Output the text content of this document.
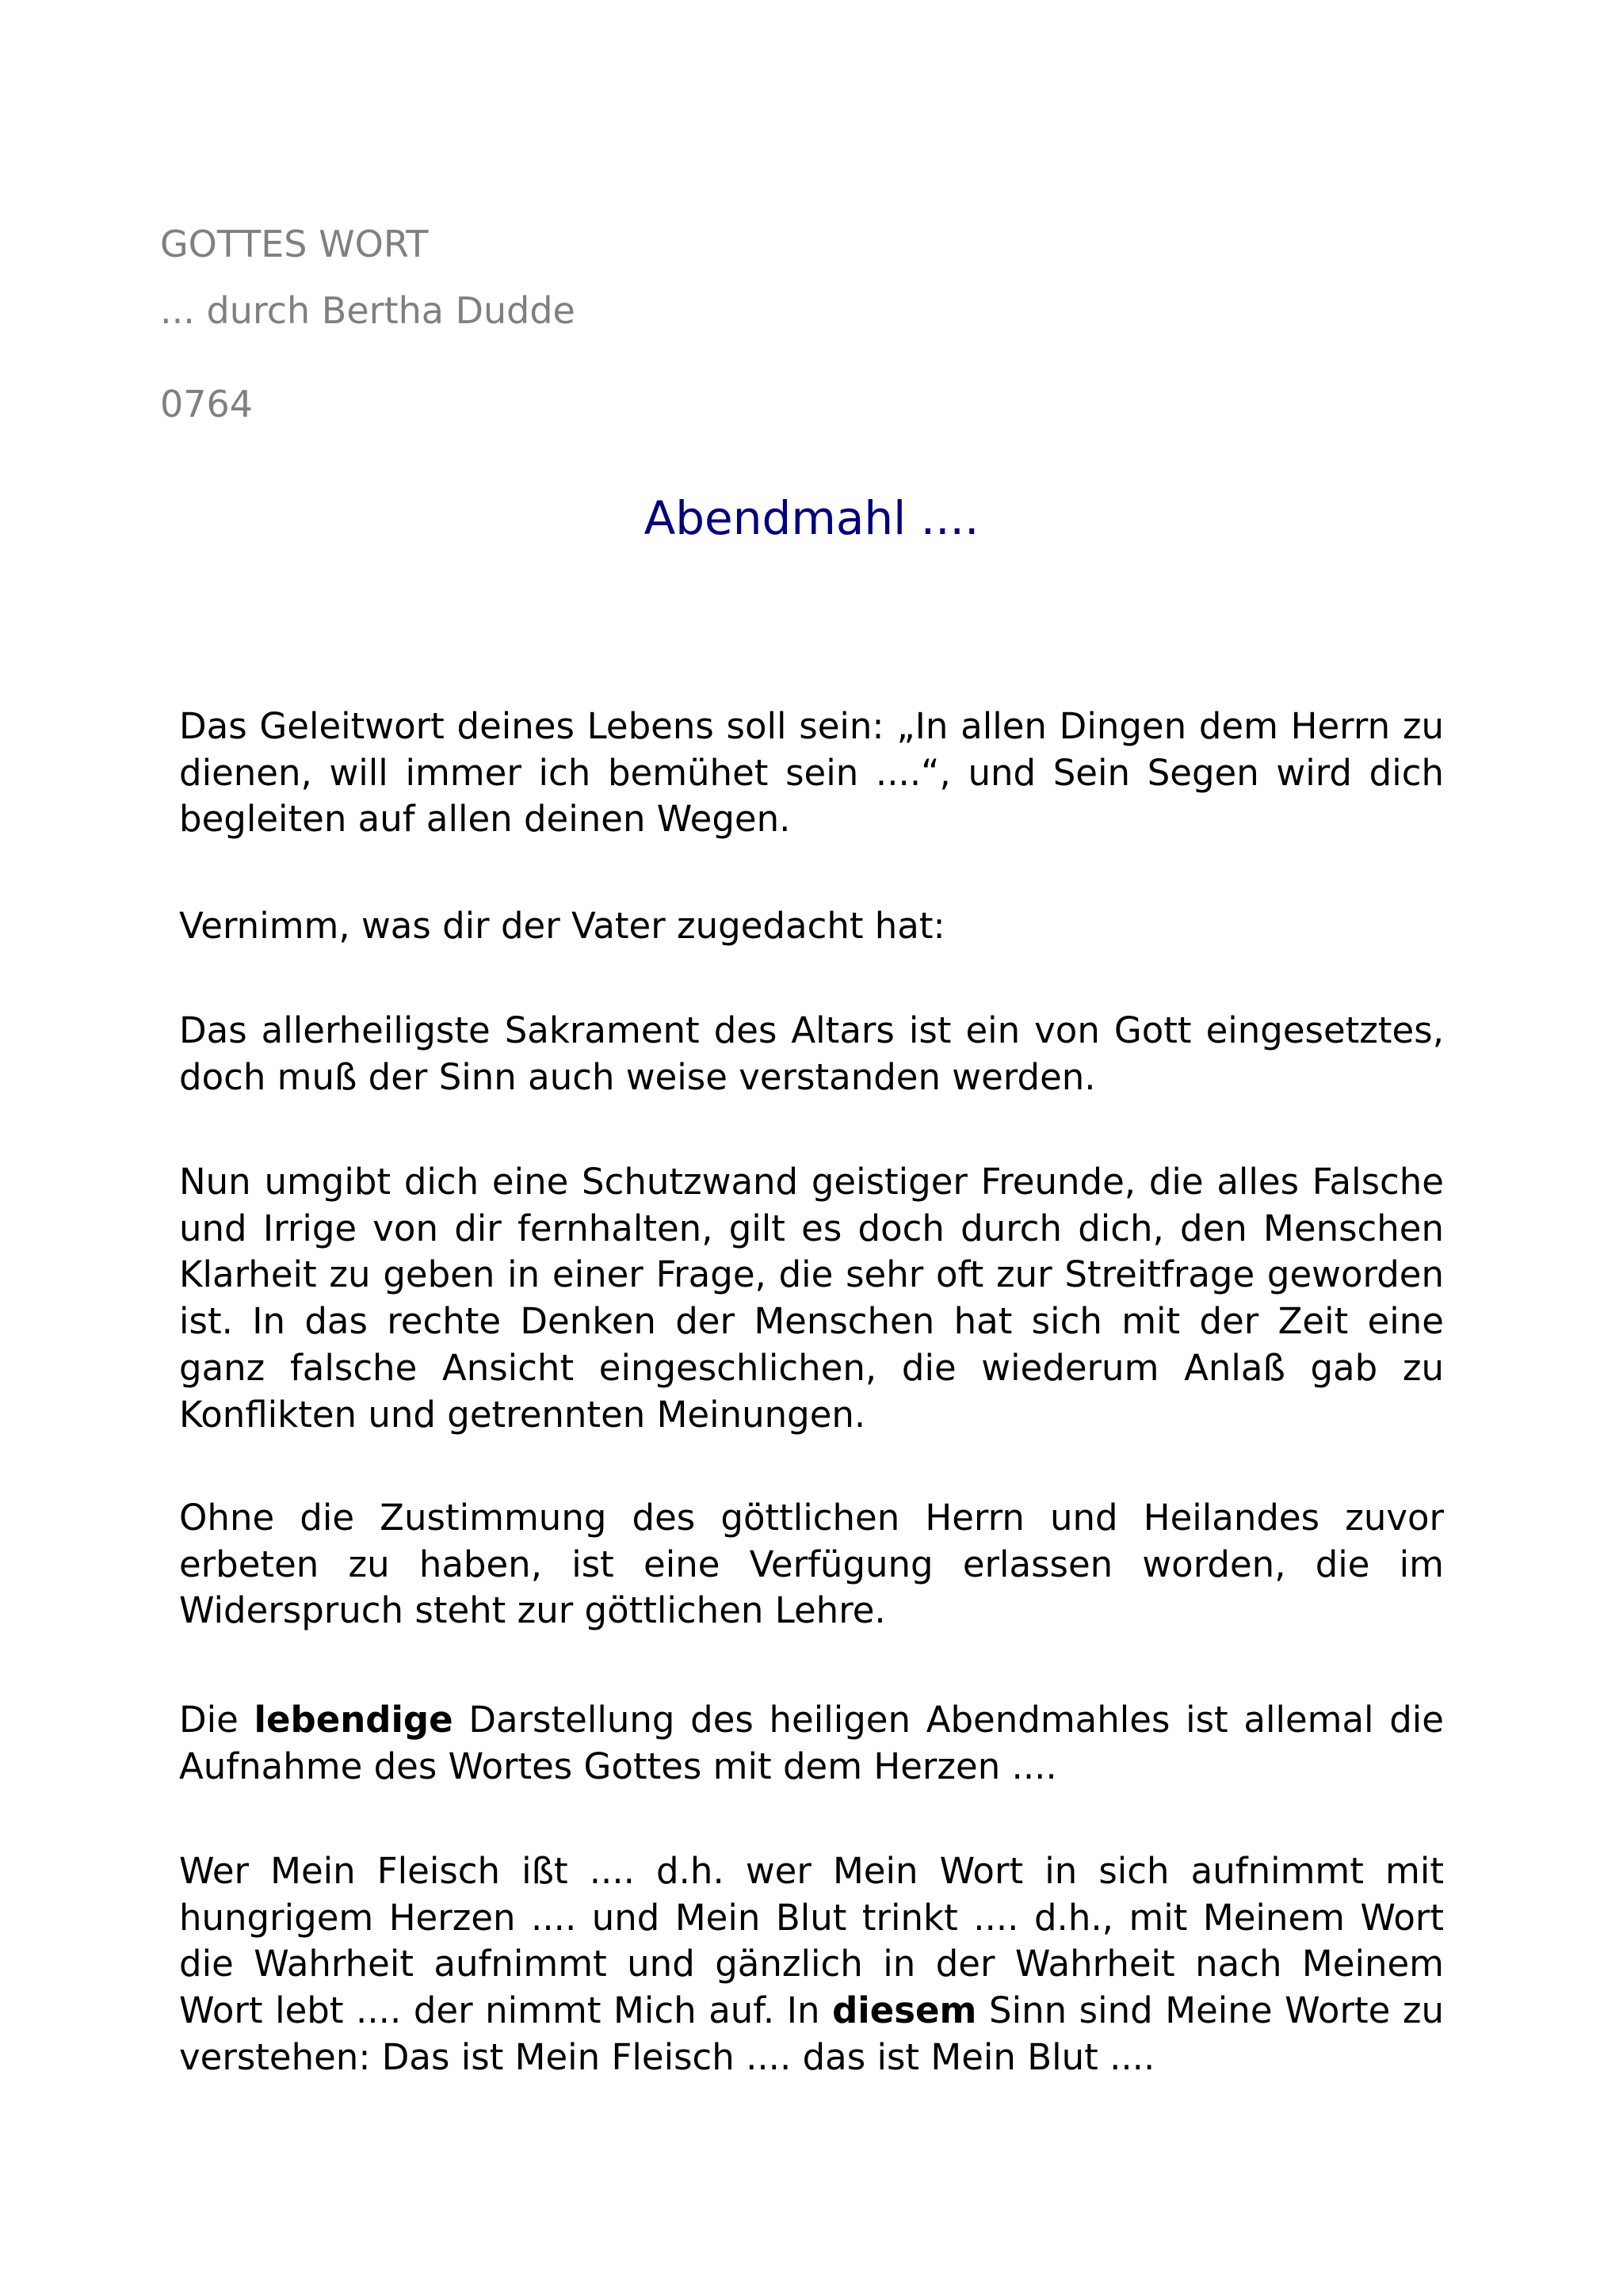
GOTTES WORT
... durch Bertha Dudde
0764
Abendmahl ....
Das Geleitwort deines Lebens soll sein: „In allen Dingen dem Herrn zu dienen, will immer ich bemühet sein ....“, und Sein Segen wird dich begleiten auf allen deinen Wegen.
Vernimm, was dir der Vater zugedacht hat:
Das allerheiligste Sakrament des Altars ist ein von Gott eingesetztes, doch muß der Sinn auch weise verstanden werden.
Nun umgibt dich eine Schutzwand geistiger Freunde, die alles Falsche und Irrige von dir fernhalten, gilt es doch durch dich, den Menschen Klarheit zu geben in einer Frage, die sehr oft zur Streitfrage geworden ist. In das rechte Denken der Menschen hat sich mit der Zeit eine ganz falsche Ansicht eingeschlichen, die wiederum Anlaß gab zu Konflikten und getrennten Meinungen.
Ohne die Zustimmung des göttlichen Herrn und Heilandes zuvor erbeten zu haben, ist eine Verfügung erlassen worden, die im Widerspruch steht zur göttlichen Lehre.
Die lebendige Darstellung des heiligen Abendmahles ist allemal die Aufnahme des Wortes Gottes mit dem Herzen ....
Wer Mein Fleisch ißt .... d.h. wer Mein Wort in sich aufnimmt mit hungrigem Herzen .... und Mein Blut trinkt .... d.h., mit Meinem Wort die Wahrheit aufnimmt und gänzlich in der Wahrheit nach Meinem Wort lebt .... der nimmt Mich auf. In diesem Sinn sind Meine Worte zu verstehen: Das ist Mein Fleisch .... das ist Mein Blut ....
